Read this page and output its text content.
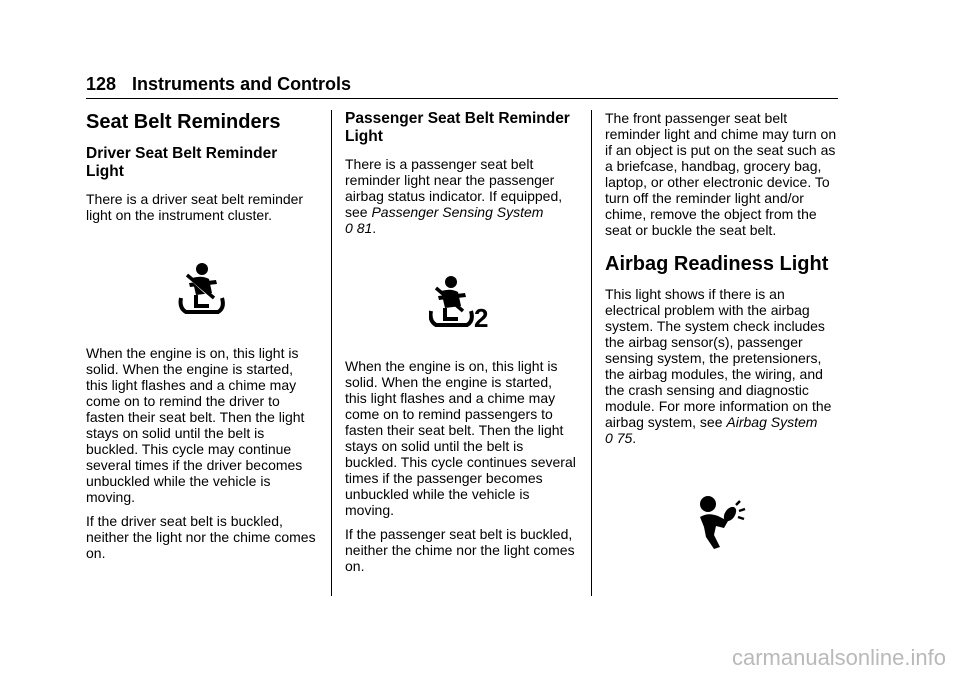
128 Instruments and Controls
Seat Belt Reminders
Driver Seat Belt Reminder Light

There is a driver seat belt reminder light on the instrument cluster.

When the engine is on, this light is solid. When the engine is started, this light flashes and a chime may come on to remind the driver to fasten their seat belt. Then the light stays on solid until the belt is buckled. This cycle may continue several times if the driver becomes unbuckled while the vehicle is moving.

If the driver seat belt is buckled, neither the light nor the chime comes on.

Passenger Seat Belt Reminder Light

There is a passenger seat belt reminder light near the passenger airbag status indicator. If equipped, see Passenger Sensing System
0 81.

2

When the engine is on, this light is solid. When the engine is started, this light flashes and a chime may come on to remind passengers to fasten their seat belt. Then the light stays on solid until the belt is buckled. This cycle continues several times if the passenger becomes unbuckled while the vehicle is moving.

If the passenger seat belt is buckled, neither the chime nor the light comes on.

The front passenger seat belt reminder light and chime may turn on if an object is put on the seat such as a briefcase, handbag, grocery bag, laptop, or other electronic device. To turn off the reminder light and/or chime, remove the object from the seat or buckle the seat belt.

Airbag Readiness Light

This light shows if there is an electrical problem with the airbag system. The system check includes the airbag sensor(s), passenger sensing system, the pretensioners, the airbag modules, the wiring, and the crash sensing and diagnostic module. For more information on the airbag system, see Airbag System
0 75.

carmanualsonline.info
